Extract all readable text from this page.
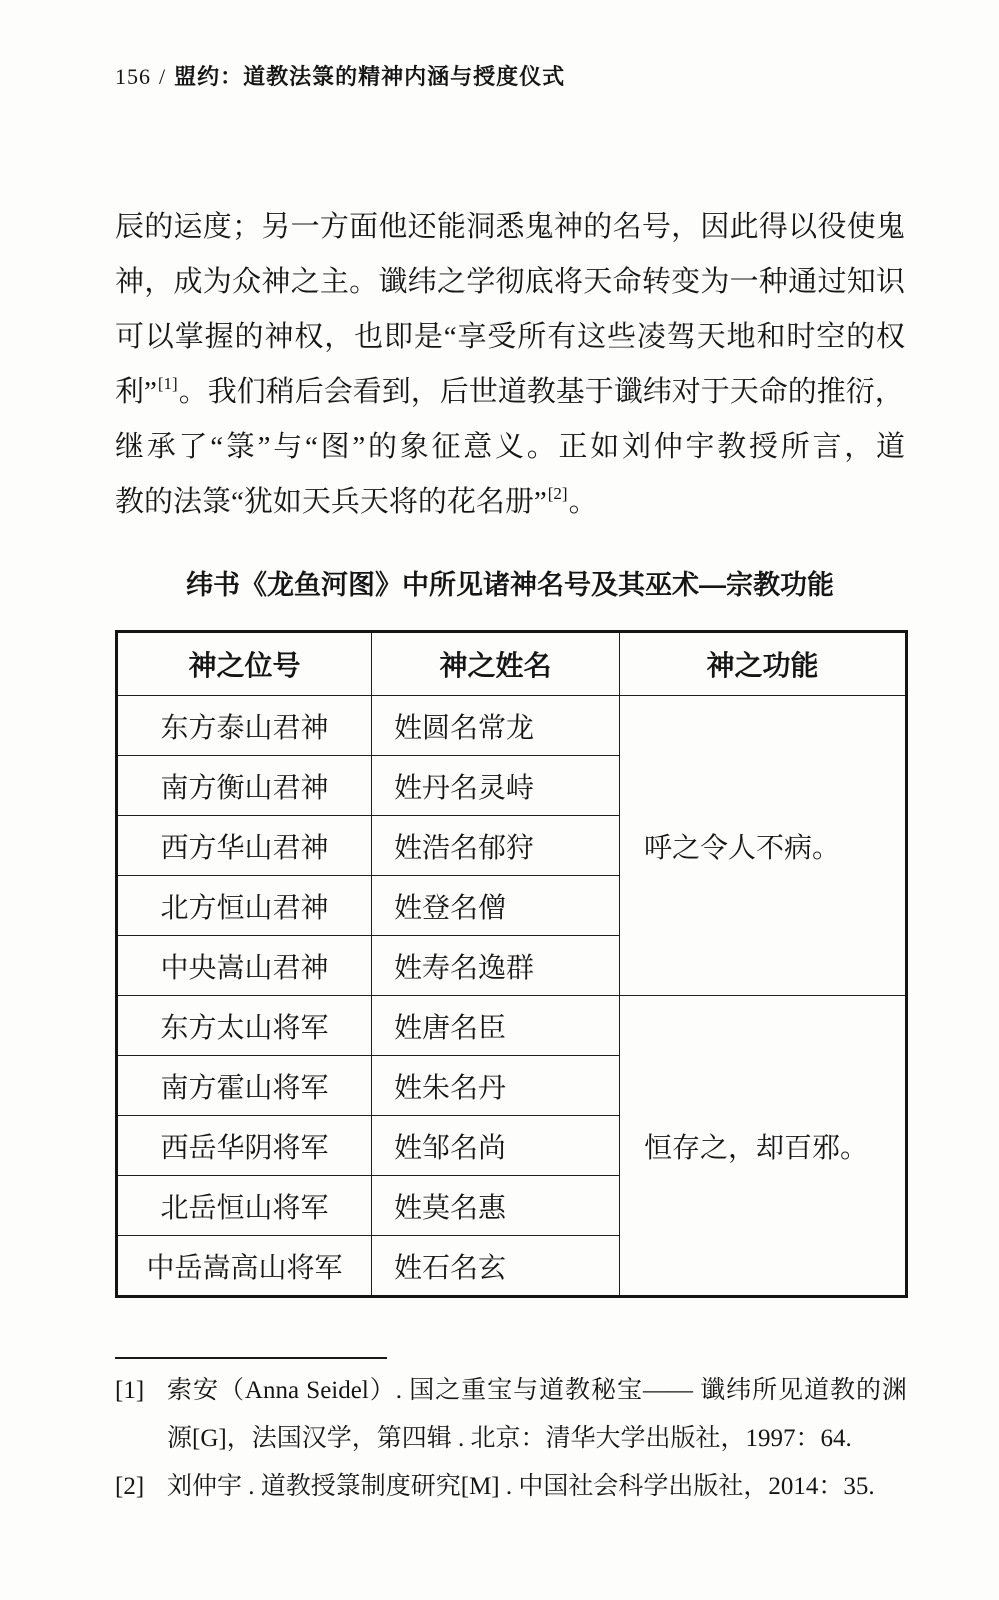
156 / 盟约：道教法箓的精神内涵与授度仪式
辰的运度；另一方面他还能洞悉鬼神的名号，因此得以役使鬼
神，成为众神之主。谶纬之学彻底将天命转变为一种通过知识
可以掌握的神权，也即是“享受所有这些凌驾天地和时空的权
利”[1]。我们稍后会看到，后世道教基于谶纬对于天命的推衍，
继承了“箓”与“图”的象征意义。正如刘仲宇教授所言，道
教的法箓“犹如天兵天将的花名册”[2]。
纬书《龙鱼河图》中所见诸神名号及其巫术—宗教功能
神之位号	神之姓名	神之功能
东方泰山君神	姓圆名常龙	呼之令人不病。
南方衡山君神	姓丹名灵峙	
西方华山君神	姓浩名郁狩	
北方恒山君神	姓登名僧	
中央嵩山君神	姓寿名逸群	
东方太山将军	姓唐名臣	恒存之，却百邪。
南方霍山将军	姓朱名丹	
西岳华阴将军	姓邹名尚	
北岳恒山将军	姓莫名惠	
中岳嵩高山将军	姓石名玄	
[1] 索安（Anna Seidel）. 国之重宝与道教秘宝—— 谶纬所见道教的渊源[G]，法国汉学，第四辑 . 北京：清华大学出版社，1997：64.
[2] 刘仲宇 . 道教授箓制度研究[M] . 中国社会科学出版社，2014：35.
